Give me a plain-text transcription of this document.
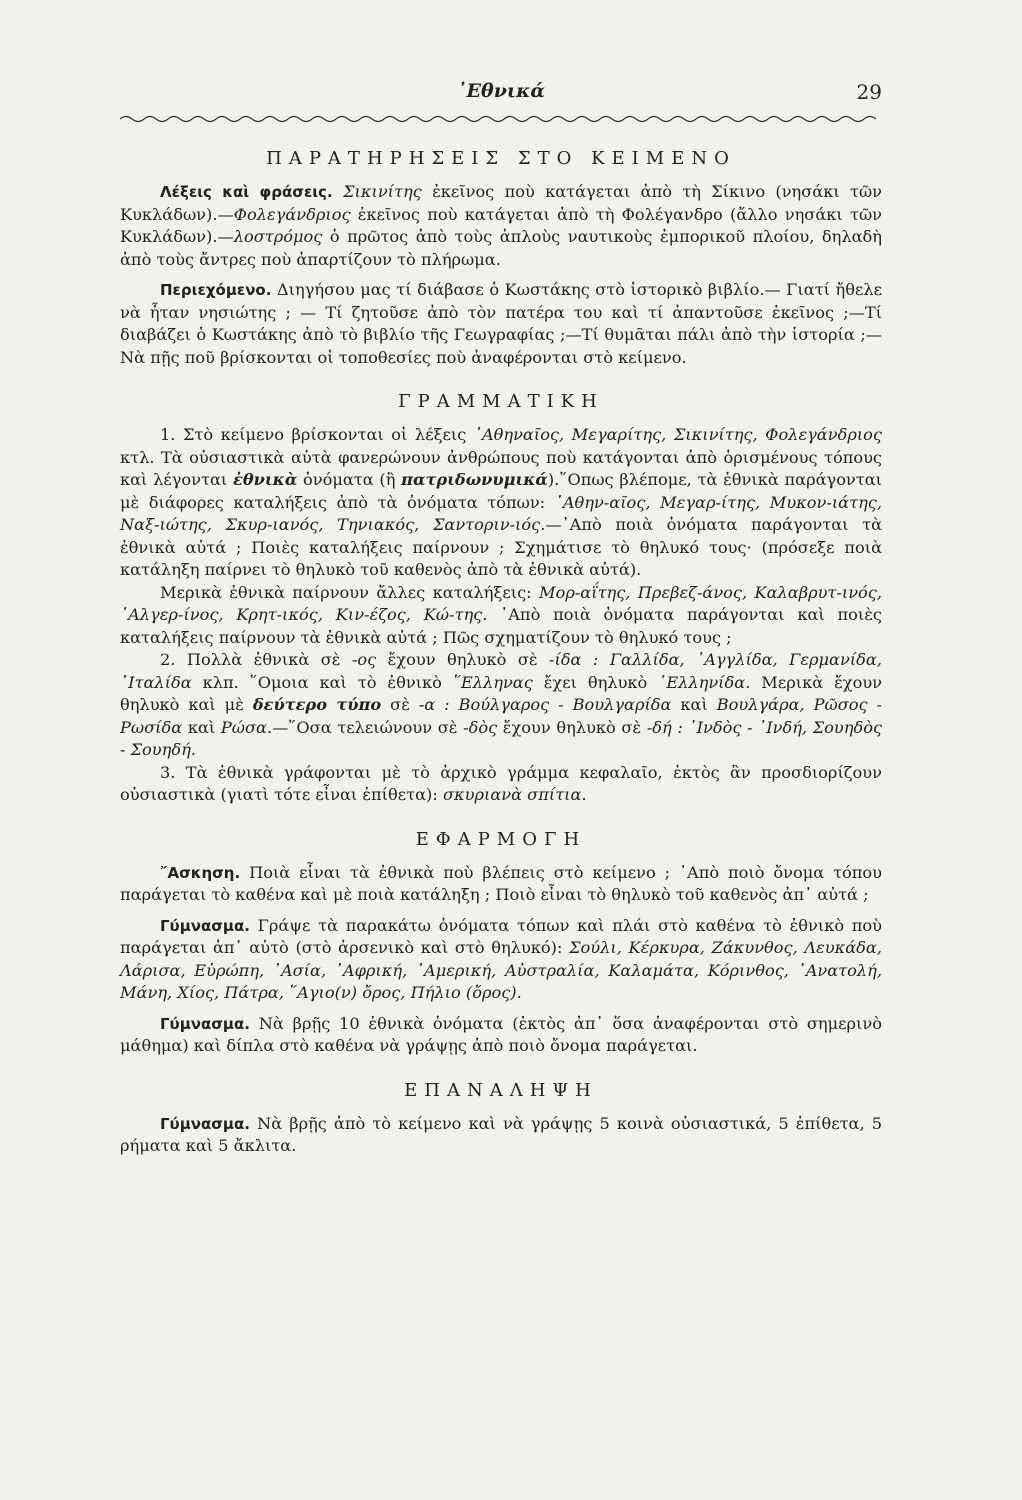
᾿Εθνικά	29
ΠΑΡΑΤΗΡΗΣΕΙΣ ΣΤΟ ΚΕΙΜΕΝΟ

Λέξεις καὶ φράσεις. Σικινίτης ἐκεῖνος ποὺ κατάγεται ἀπὸ τὴ Σίκινο (νησάκι τῶν Κυκλάδων).—Φολεγάνδριος ἐκεῖνος ποὺ κατάγεται ἀπὸ τὴ Φολέγανδρο (ἄλλο νησάκι τῶν Κυκλάδων).—λοστρόμος ὁ πρῶτος ἀπὸ τοὺς ἁπλοὺς ναυτικοὺς ἐμπορικοῦ πλοίου, δηλαδὴ ἀπὸ τοὺς ἄντρες ποὺ ἀπαρτίζουν τὸ πλήρωμα.

Περιεχόμενο. Διηγήσου μας τί διάβασε ὁ Κωστάκης στὸ ἱστορικὸ βιβλίο.— Γιατί ἤθελε νὰ ἦταν νησιώτης ; — Τί ζητοῦσε ἀπὸ τὸν πατέρα του καὶ τί ἀπαντοῦσε ἐκεῖνος ;—Τί διαβάζει ὁ Κωστάκης ἀπὸ τὸ βιβλίο τῆς Γεωγραφίας ;—Τί θυμᾶται πάλι ἀπὸ τὴν ἱστορία ;— Νὰ πῇς ποῦ βρίσκονται οἱ τοποθεσίες ποὺ ἀναφέρονται στὸ κείμενο.

ΓΡΑΜΜΑΤΙΚΗ

1. Στὸ κείμενο βρίσκονται οἱ λέξεις ᾿Αθηναῖος, Μεγαρίτης, Σικινίτης, Φολεγάνδριος κτλ. Τὰ οὐσιαστικὰ αὐτὰ φανερώνουν ἀνθρώπους ποὺ κατάγονται ἀπὸ ὁρισμένους τόπους καὶ λέγονται ἐθνικὰ ὀνόματα (ἢ πατριδωνυμικά).῞Οπως βλέπομε, τὰ ἐθνικὰ παράγονται μὲ διάφορες καταλήξεις ἀπὸ τὰ ὀνόματα τόπων: ᾿Αθην-αῖος, Μεγαρ-ίτης, Μυκον-ιάτης, Ναξ-ιώτης, Σκυρ-ιανός, Τηνιακός, Σαντοριν-ιός.—᾿Απὸ ποιὰ ὀνόματα παράγονται τὰ ἐθνικὰ αὐτά ; Ποιὲς καταλήξεις παίρνουν ; Σχημάτισε τὸ θηλυκό τους· (πρόσεξε ποιὰ κατάληξη παίρνει τὸ θηλυκὸ τοῦ καθενὸς ἀπὸ τὰ ἐθνικὰ αὐτά).

Μερικὰ ἐθνικὰ παίρνουν ἄλλες καταλήξεις: Μορ-αΐτης, Πρεβεζ-άνος, Καλαβρυτ-ινός, ᾿Αλγερ-ίνος, Κρητ-ικός, Κιν-έζος, Κώ-της. ᾿Απὸ ποιὰ ὀνόματα παράγονται καὶ ποιὲς καταλήξεις παίρνουν τὰ ἐθνικὰ αὐτά ; Πῶς σχηματίζουν τὸ θηλυκό τους ;

2. Πολλὰ ἐθνικὰ σὲ -ος ἔχουν θηλυκὸ σὲ -ίδα : Γαλλίδα, ᾿Αγγλίδα, Γερμανίδα, ᾿Ιταλίδα κλπ. ῞Ομοια καὶ τὸ ἐθνικὸ ῞Ελληνας ἔχει θηλυκὸ ῾Ελληνίδα. Μερικὰ ἔχουν θηλυκὸ καὶ μὲ δεύτερο τύπο σὲ -α : Βούλγαρος - Βουλγαρίδα καὶ Βουλγάρα, Ρῶσος - Ρωσίδα καὶ Ρώσα.—῞Οσα τελειώνουν σὲ -δὸς ἔχουν θηλυκὸ σὲ -δή : ᾿Ινδὸς - ᾿Ινδή, Σουηδὸς - Σουηδή.

3. Τὰ ἐθνικὰ γράφονται μὲ τὸ ἀρχικὸ γράμμα κεφαλαῖο, ἐκτὸς ἂν προσδιορίζουν οὐσιαστικὰ (γιατὶ τότε εἶναι ἐπίθετα): σκυριανὰ σπίτια.

ΕΦΑΡΜΟΓΗ

῎Ασκηση. Ποιὰ εἶναι τὰ ἐθνικὰ ποὺ βλέπεις στὸ κείμενο ; ᾿Απὸ ποιὸ ὄνομα τόπου παράγεται τὸ καθένα καὶ μὲ ποιὰ κατάληξη ; Ποιὸ εἶναι τὸ θηλυκὸ τοῦ καθενὸς ἀπ᾿ αὐτά ;

Γύμνασμα. Γράψε τὰ παρακάτω ὀνόματα τόπων καὶ πλάι στὸ καθένα τὸ ἐθνικὸ ποὺ παράγεται ἀπ᾿ αὐτὸ (στὸ ἀρσενικὸ καὶ στὸ θηλυκό): Σούλι, Κέρκυρα, Ζάκυνθος, Λευκάδα, Λάρισα, Εὐρώπη, ᾿Ασία, ᾿Αφρική, ᾿Αμερική, Αὐστραλία, Καλαμάτα, Κόρινθος, ᾿Ανατολή, Μάνη, Χίος, Πάτρα, ῞Αγιο(ν) ὄρος, Πήλιο (ὄρος).

Γύμνασμα. Νὰ βρῇς 10 ἐθνικὰ ὀνόματα (ἐκτὸς ἀπ᾿ ὅσα ἀναφέρονται στὸ σημερινὸ μάθημα) καὶ δίπλα στὸ καθένα νὰ γράψῃς ἀπὸ ποιὸ ὄνομα παράγεται.

ΕΠΑΝΑΛΗΨΗ

Γύμνασμα. Νὰ βρῇς ἀπὸ τὸ κείμενο καὶ νὰ γράψῃς 5 κοινὰ οὐσιαστικά, 5 ἐπίθετα, 5 ρήματα καὶ 5 ἄκλιτα.
